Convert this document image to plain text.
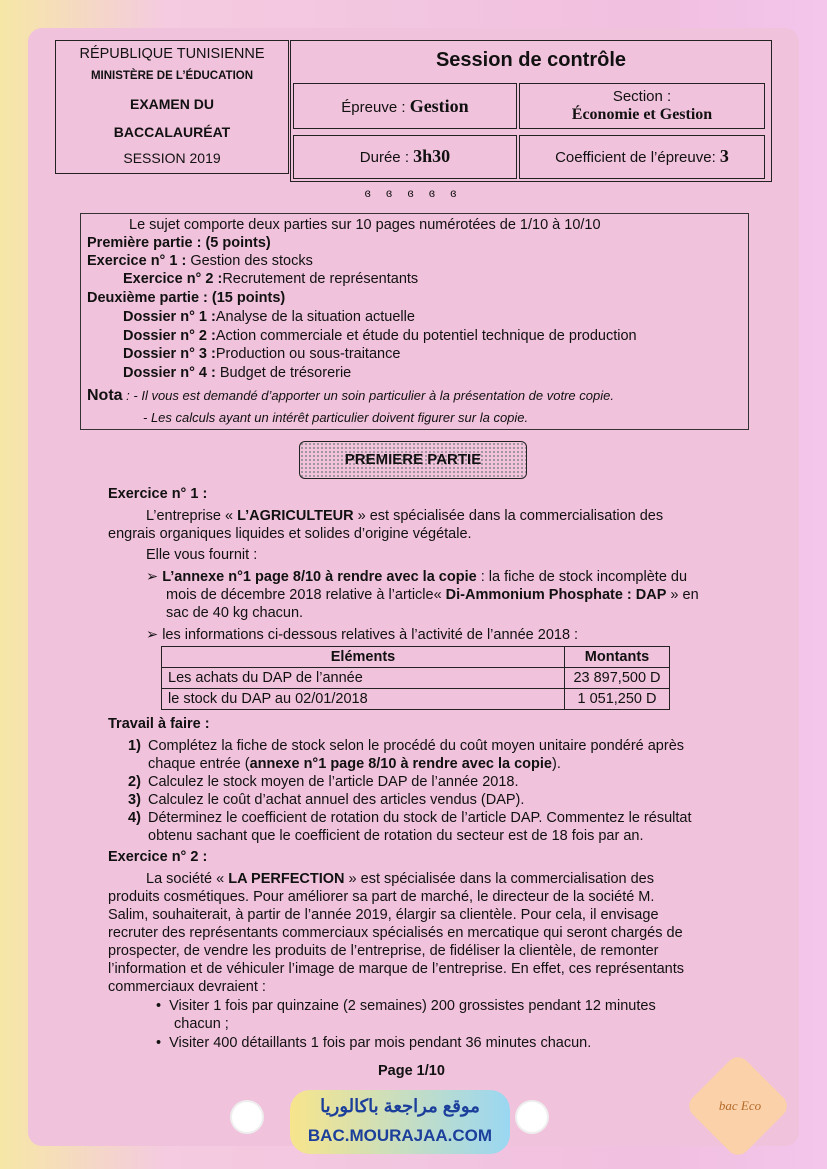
RÉPUBLIQUE TUNISIENNE
MINISTÈRE DE L’ÉDUCATION
EXAMEN DU
BACCALAURÉAT
SESSION 2019
Session de contrôle
Épreuve : Gestion	Section :
Économie et Gestion
Durée : 3h30	Coefficient de l’épreuve: 3
ɞ ɞ ɞ ɞ ɞ
Le sujet comporte deux parties sur 10 pages numérotées de 1/10 à 10/10
Première partie : (5 points)
Exercice n° 1 : Gestion des stocks
Exercice n° 2 :Recrutement de représentants
Deuxième partie : (15 points)
Dossier n° 1 :Analyse de la situation actuelle
Dossier n° 2 :Action commerciale et étude du potentiel technique de production
Dossier n° 3 :Production ou sous-traitance
Dossier n° 4 : Budget de trésorerie
Nota : - Il vous est demandé d’apporter un soin particulier à la présentation de votre copie.
- Les calculs ayant un intérêt particulier doivent figurer sur la copie.
PREMIERE PARTIE
Exercice n° 1 :
L’entreprise « L’AGRICULTEUR » est spécialisée dans la commercialisation des
engrais organiques liquides et solides d’origine végétale.
Elle vous fournit :
➢ L’annexe n°1 page 8/10 à rendre avec la copie : la fiche de stock incomplète du
mois de décembre 2018 relative à l’article« Di-Ammonium Phosphate : DAP » en
sac de 40 kg chacun.
➢ les informations ci-dessous relatives à l’activité de l’année 2018 :
Eléments	Montants
Les achats du DAP de l’année	23 897,500 D
le stock du DAP au 02/01/2018	1 051,250 D
Travail à faire :
1) Complétez la fiche de stock selon le procédé du coût moyen unitaire pondéré après
chaque entrée (annexe n°1 page 8/10 à rendre avec la copie).
2) Calculez le stock moyen de l’article DAP de l’année 2018.
3) Calculez le coût d’achat annuel des articles vendus (DAP).
4) Déterminez le coefficient de rotation du stock de l’article DAP. Commentez le résultat
obtenu sachant que le coefficient de rotation du secteur est de 18 fois par an.
Exercice n° 2 :
La société « LA PERFECTION » est spécialisée dans la commercialisation des
produits cosmétiques. Pour améliorer sa part de marché, le directeur de la société M.
Salim, souhaiterait, à partir de l’année 2019, élargir sa clientèle. Pour cela, il envisage
recruter des représentants commerciaux spécialisés en mercatique qui seront chargés de
prospecter, de vendre les produits de l’entreprise, de fidéliser la clientèle, de remonter
l’information et de véhiculer l’image de marque de l’entreprise. En effet, ces représentants
commerciaux devraient :
•  Visiter 1 fois par quinzaine (2 semaines) 200 grossistes pendant 12 minutes
chacun ;
•  Visiter 400 détaillants 1 fois par mois pendant 36 minutes chacun.
Page 1/10
موقع مراجعة باكالوريا
BAC.MOURAJAA.COM
bac Eco
